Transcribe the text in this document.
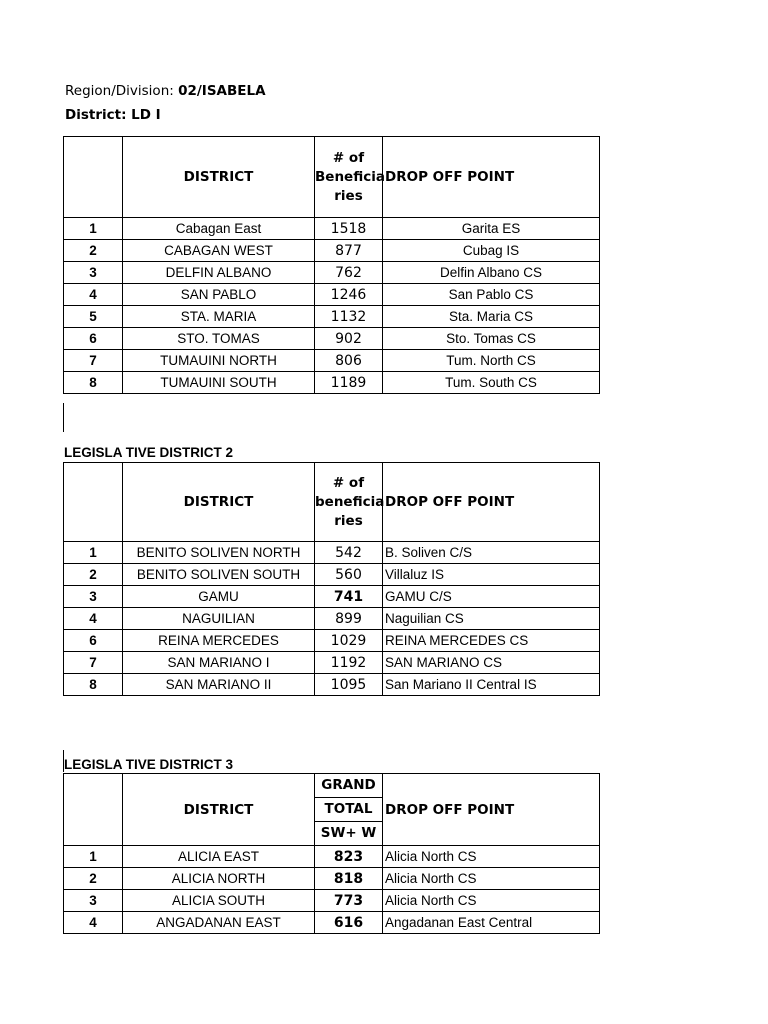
Region/Division: 02/ISABELA
District: LD I
	DISTRICT	# of Beneficia ries	DROP OFF POINT
1	Cabagan East	1518	Garita ES
2	CABAGAN WEST	877	Cubag IS
3	DELFIN ALBANO	762	Delfin Albano CS
4	SAN PABLO	1246	San Pablo CS
5	STA. MARIA	1132	Sta. Maria CS
6	STO. TOMAS	902	Sto. Tomas CS
7	TUMAUINI NORTH	806	Tum. North CS
8	TUMAUINI SOUTH	1189	Tum. South CS
LEGISLA TIVE DISTRICT 2
	DISTRICT	# of beneficia ries	DROP OFF POINT
1	BENITO SOLIVEN NORTH	542	B. Soliven C/S
2	BENITO SOLIVEN SOUTH	560	Villaluz IS
3	GAMU	741	GAMU C/S
4	NAGUILIAN	899	Naguilian CS
6	REINA MERCEDES	1029	REINA MERCEDES CS
7	SAN MARIANO I	1192	SAN MARIANO CS
8	SAN MARIANO II	1095	San Mariano II Central IS
LEGISLA TIVE DISTRICT 3
	DISTRICT	GRAND	DROP OFF POINT
		TOTAL	
		SW+ W	
1	ALICIA EAST	823	Alicia North CS
2	ALICIA NORTH	818	Alicia North CS
3	ALICIA SOUTH	773	Alicia North CS
4	ANGADANAN EAST	616	Angadanan East Central
